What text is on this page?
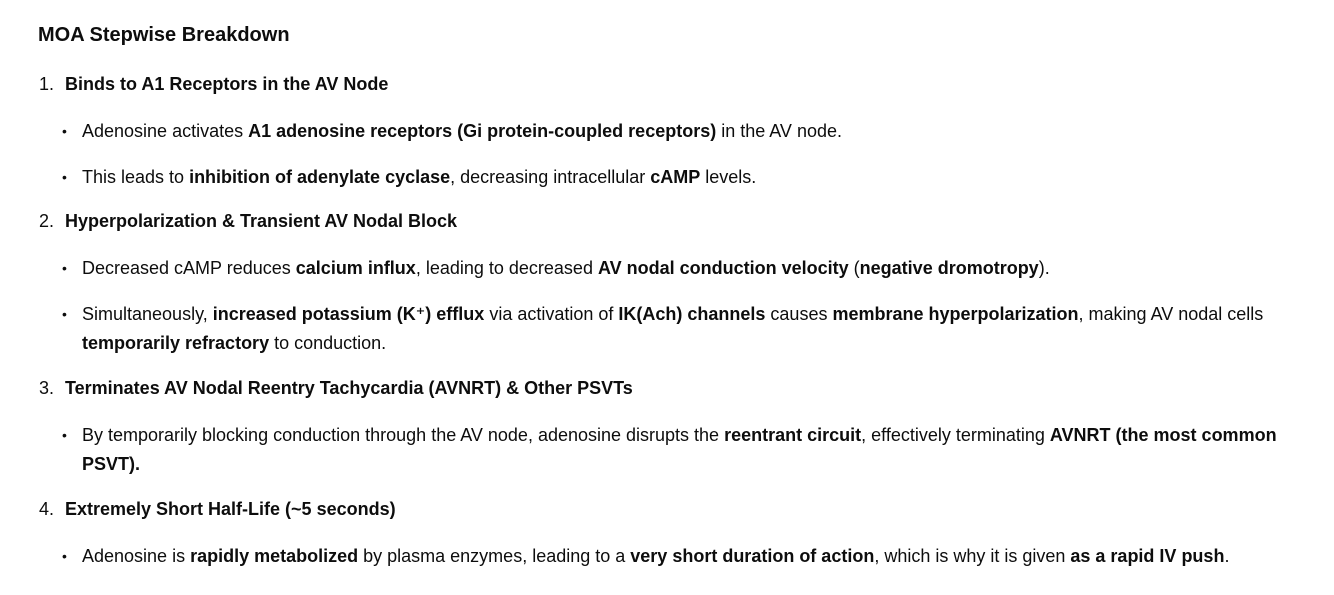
MOA Stepwise Breakdown
1. Binds to A1 Receptors in the AV Node
• Adenosine activates A1 adenosine receptors (Gi protein-coupled receptors) in the AV node.
• This leads to inhibition of adenylate cyclase, decreasing intracellular cAMP levels.
2. Hyperpolarization & Transient AV Nodal Block
• Decreased cAMP reduces calcium influx, leading to decreased AV nodal conduction velocity (negative dromotropy).
• Simultaneously, increased potassium (K⁺) efflux via activation of IK(Ach) channels causes membrane hyperpolarization, making AV nodal cells temporarily refractory to conduction.
3. Terminates AV Nodal Reentry Tachycardia (AVNRT) & Other PSVTs
• By temporarily blocking conduction through the AV node, adenosine disrupts the reentrant circuit, effectively terminating AVNRT (the most common PSVT).
4. Extremely Short Half-Life (~5 seconds)
• Adenosine is rapidly metabolized by plasma enzymes, leading to a very short duration of action, which is why it is given as a rapid IV push.
